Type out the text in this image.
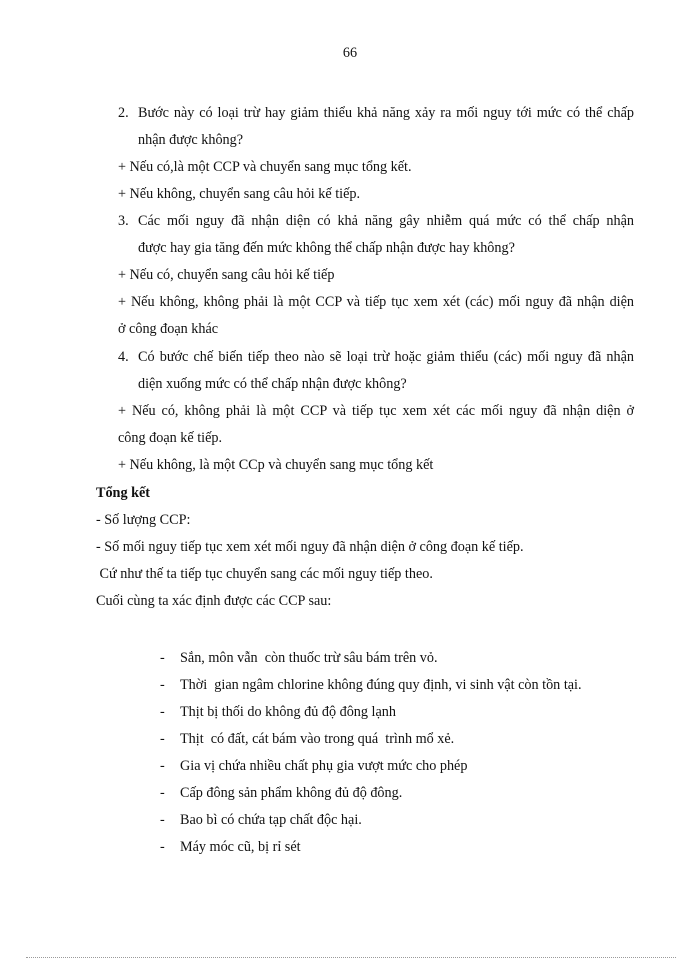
66
2. Bước này có loại trừ hay giảm thiểu khả năng xảy ra mối nguy tới mức có thể chấp
nhận được không?
+ Nếu có,là một CCP và chuyển sang mục tổng kết.
+ Nếu không, chuyển sang câu hỏi kế tiếp.
3. Các mối nguy đã nhận diện có khả năng gây nhiễm quá mức có thể chấp nhận
được hay gia tăng đến mức không thể chấp nhận được hay không?
+ Nếu có, chuyển sang câu hỏi kế tiếp
+ Nếu không, không phải là một CCP và tiếp tục xem xét (các) mối nguy đã nhận diện
ở công đoạn khác
4. Có bước chế biến tiếp theo nào sẽ loại trừ hoặc giảm thiểu (các) mối nguy đã nhận
diện xuống mức có thể chấp nhận được không?
+ Nếu có, không phải là một CCP và tiếp tục xem xét các mối nguy đã nhận diện ở
công đoạn kế tiếp.
+ Nếu không, là một CCp và chuyển sang mục tổng kết
Tổng kết
- Số lượng CCP:
- Số mối nguy tiếp tục xem xét mối nguy đã nhận diện ở công đoạn kế tiếp.
Cứ như thế ta tiếp tục chuyển sang các mối nguy tiếp theo.
Cuối cùng ta xác định được các CCP sau:
- Sắn, môn vẫn  còn thuốc trừ sâu bám trên vỏ.
- Thời  gian ngâm chlorine không đúng quy định, vi sinh vật còn tồn tại.
- Thịt bị thối do không đủ độ đông lạnh
- Thịt  có đất, cát bám vào trong quá  trình mổ xẻ.
- Gia vị chứa nhiều chất phụ gia vượt mức cho phép
- Cấp đông sản phẩm không đủ độ đông.
- Bao bì có chứa tạp chất độc hại.
- Máy móc cũ, bị rỉ sét
